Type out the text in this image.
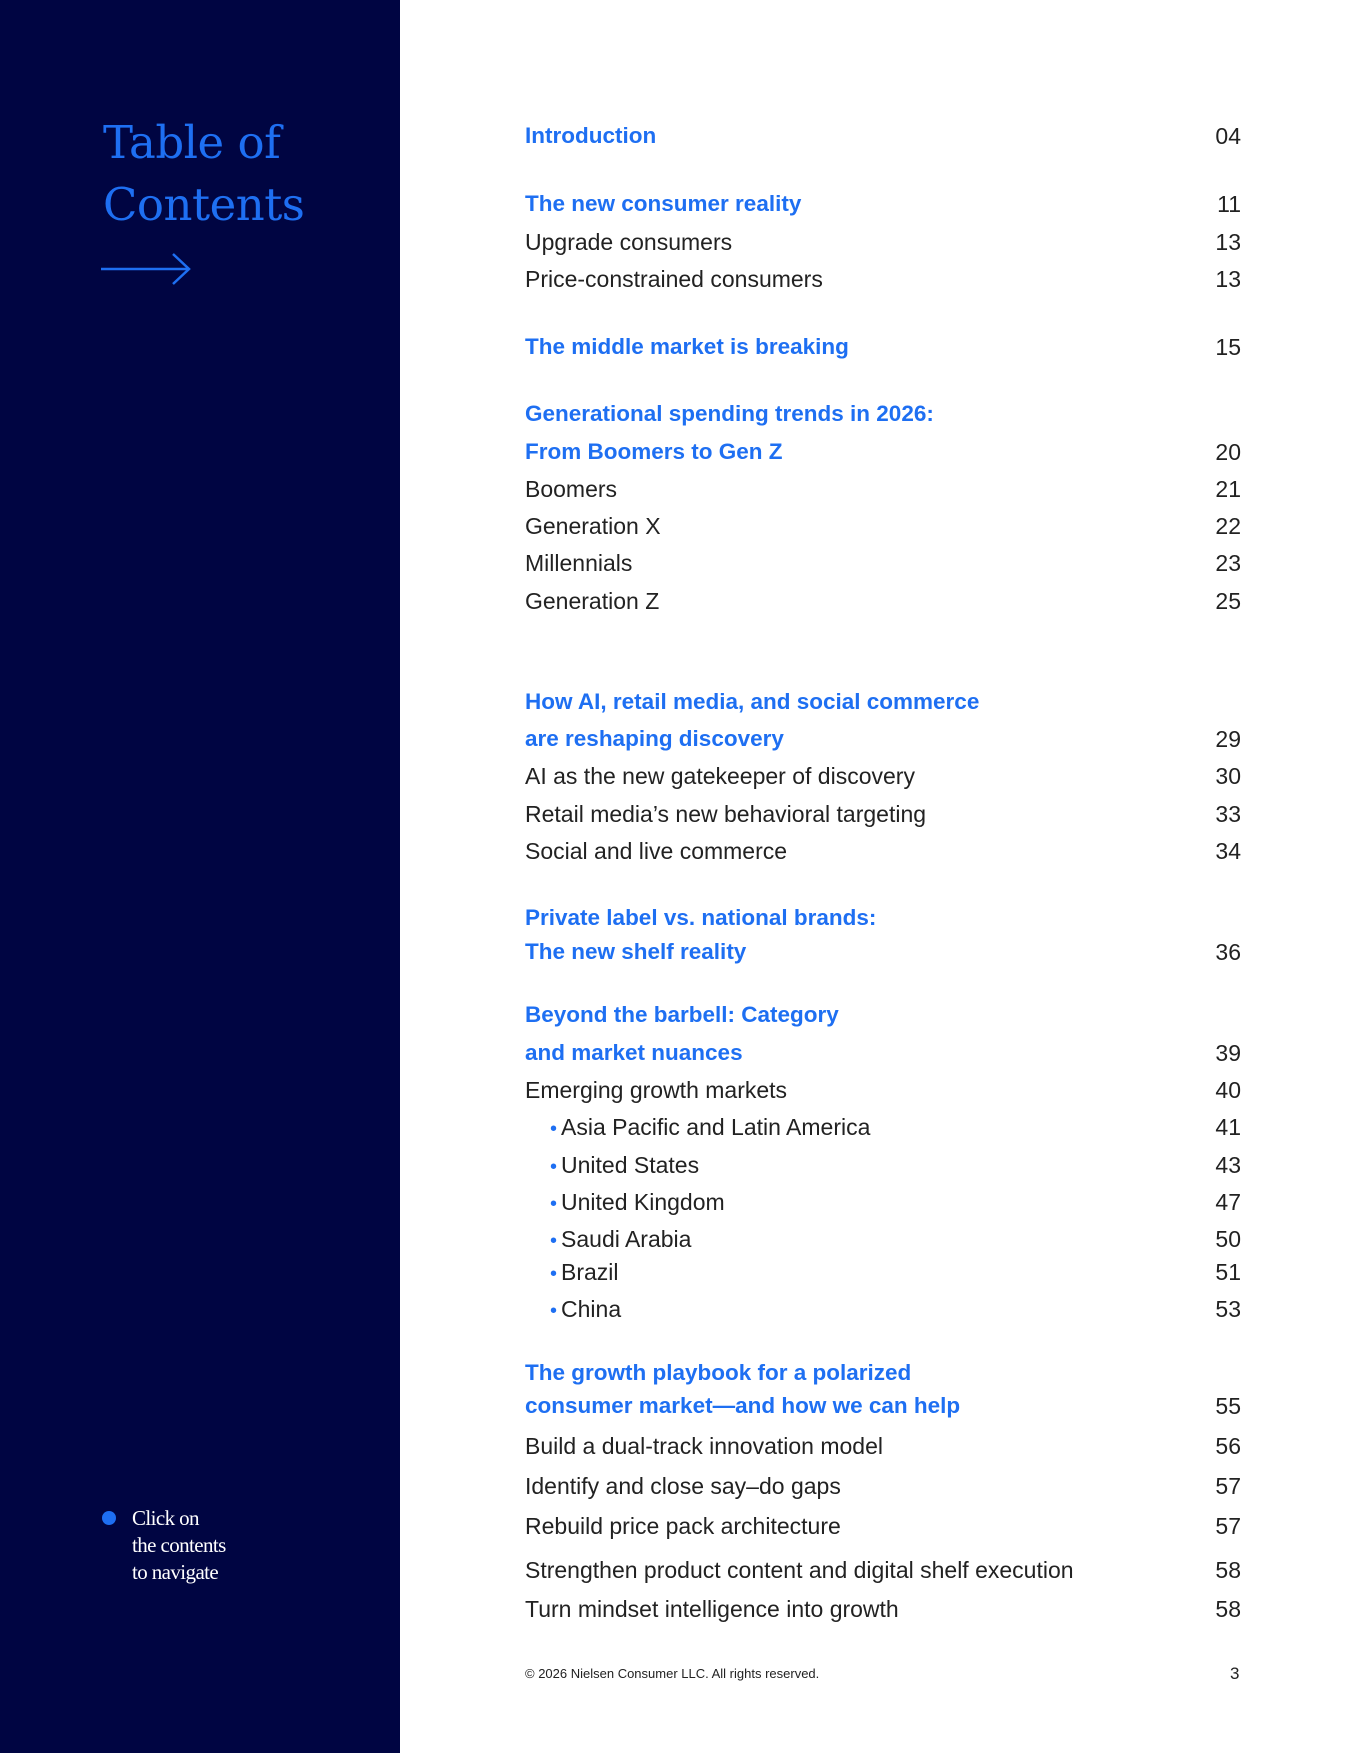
Table of
Contents
Click on
the contents
to navigate
Introduction	04
The new consumer reality	11
Upgrade consumers	13
Price-constrained consumers	13
The middle market is breaking	15
Generational spending trends in 2026:
From Boomers to Gen Z	20
Boomers	21
Generation X	22
Millennials	23
Generation Z	25
How AI, retail media, and social commerce
are reshaping discovery	29
AI as the new gatekeeper of discovery	30
Retail media’s new behavioral targeting	33
Social and live commerce	34
Private label vs. national brands:
The new shelf reality	36
Beyond the barbell: Category
and market nuances	39
Emerging growth markets	40
• Asia Pacific and Latin America	41
• United States	43
• United Kingdom	47
• Saudi Arabia	50
• Brazil	51
• China	53
The growth playbook for a polarized
consumer market—and how we can help	55
Build a dual-track innovation model	56
Identify and close say–do gaps	57
Rebuild price pack architecture	57
Strengthen product content and digital shelf execution	58
Turn mindset intelligence into growth	58
© 2026 Nielsen Consumer LLC. All rights reserved.	3
